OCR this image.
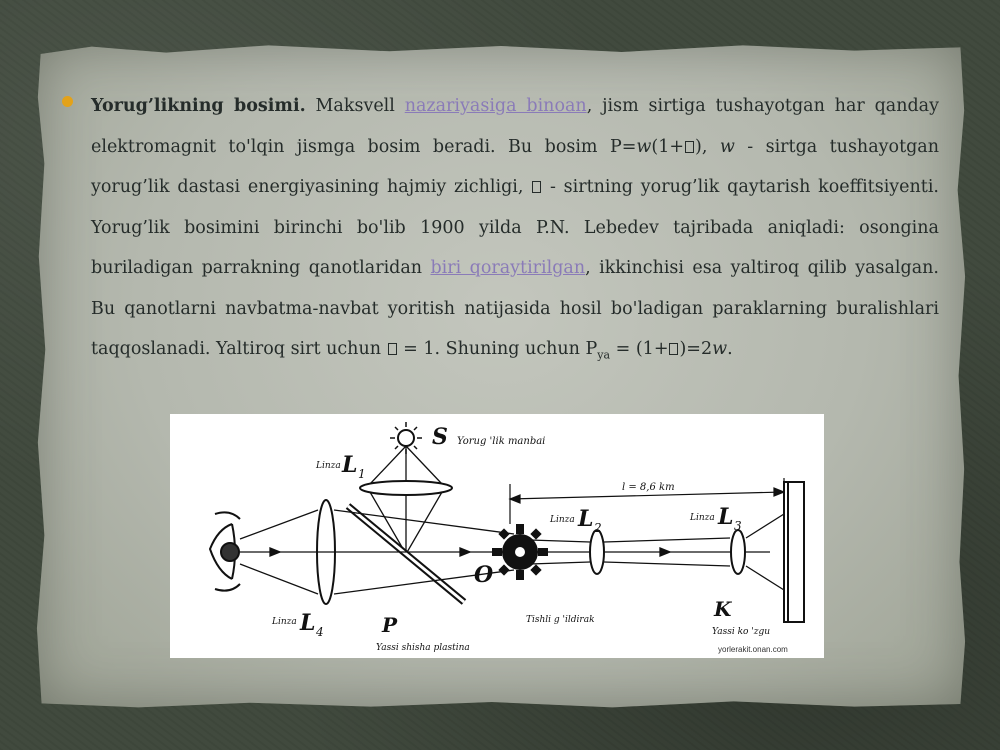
Yorug’likning bosimi. Maksvell nazariyasiga binoan, jism sirtiga tushayotgan har qanday elektromagnit to'lqin jismga bosim beradi. Bu bosim P=w(1+ ), w - sirtga tushayotgan yorug’lik dastasi energiyasining hajmiy zichligi,  - sirtning yorug’lik qaytarish koeffitsiyenti. Yorug’lik bosimini birinchi bo'lib 1900 yilda P.N. Lebedev tajribada aniqladi: osongina buriladigan parrakning qanotlaridan biri qoraytirilgan, ikkinchisi esa yaltiroq qilib yasalgan. Bu qanotlarni navbatma-navbat yoritish natijasida hosil bo'ladigan paraklarning buralishlari taqqoslanadi. Yaltiroq sirt uchun  = 1. Shuning uchun $P_{ya} = (1+ )=2w$.
S Yorug 'lik manbai
Linza L 1
Linza L 4	P
Yassi shisha plastina
O
Tishli g 'ildirak
Linza L 2
Linza L 3
l = 8,6 km
K
Yassi ko 'zgu
yorlerakit.onan.com
